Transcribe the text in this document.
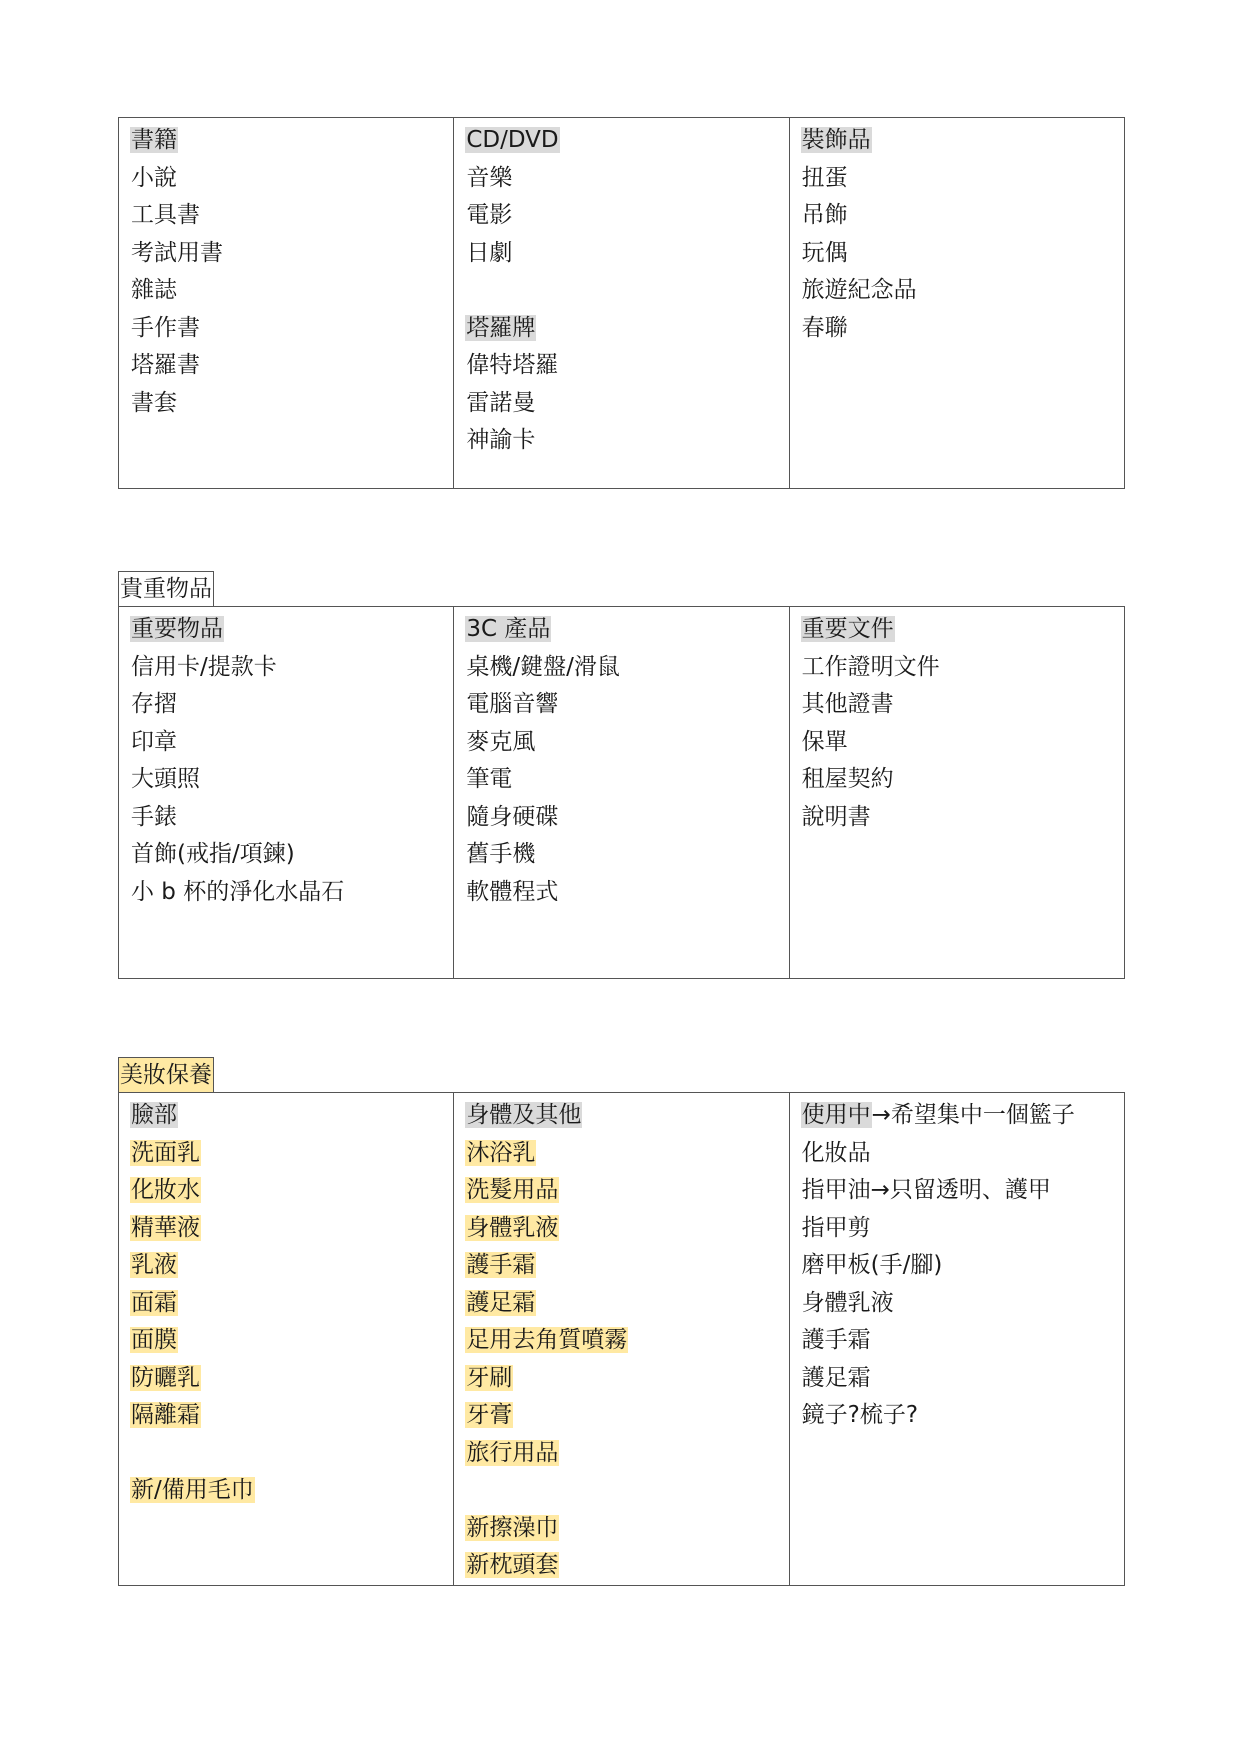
書籍
小說
工具書
考試用書
雜誌
手作書
塔羅書
書套

CD/DVD
音樂
電影
日劇
塔羅牌
偉特塔羅
雷諾曼
神諭卡

裝飾品
扭蛋
吊飾
玩偶
旅遊紀念品
春聯
貴重物品
重要物品
信用卡/提款卡
存摺
印章
大頭照
手錶
首飾(戒指/項鍊)
小 b 杯的淨化水晶石

3C 產品
桌機/鍵盤/滑鼠
電腦音響
麥克風
筆電
隨身硬碟
舊手機
軟體程式

重要文件
工作證明文件
其他證書
保單
租屋契約
說明書
美妝保養
臉部
洗面乳
化妝水
精華液
乳液
面霜
面膜
防曬乳
隔離霜
新/備用毛巾

身體及其他
沐浴乳
洗髮用品
身體乳液
護手霜
護足霜
足用去角質噴霧
牙刷
牙膏
旅行用品
新擦澡巾
新枕頭套

使用中→希望集中一個籃子
化妝品
指甲油→只留透明、護甲
指甲剪
磨甲板(手/腳)
身體乳液
護手霜
護足霜
鏡子?梳子?
